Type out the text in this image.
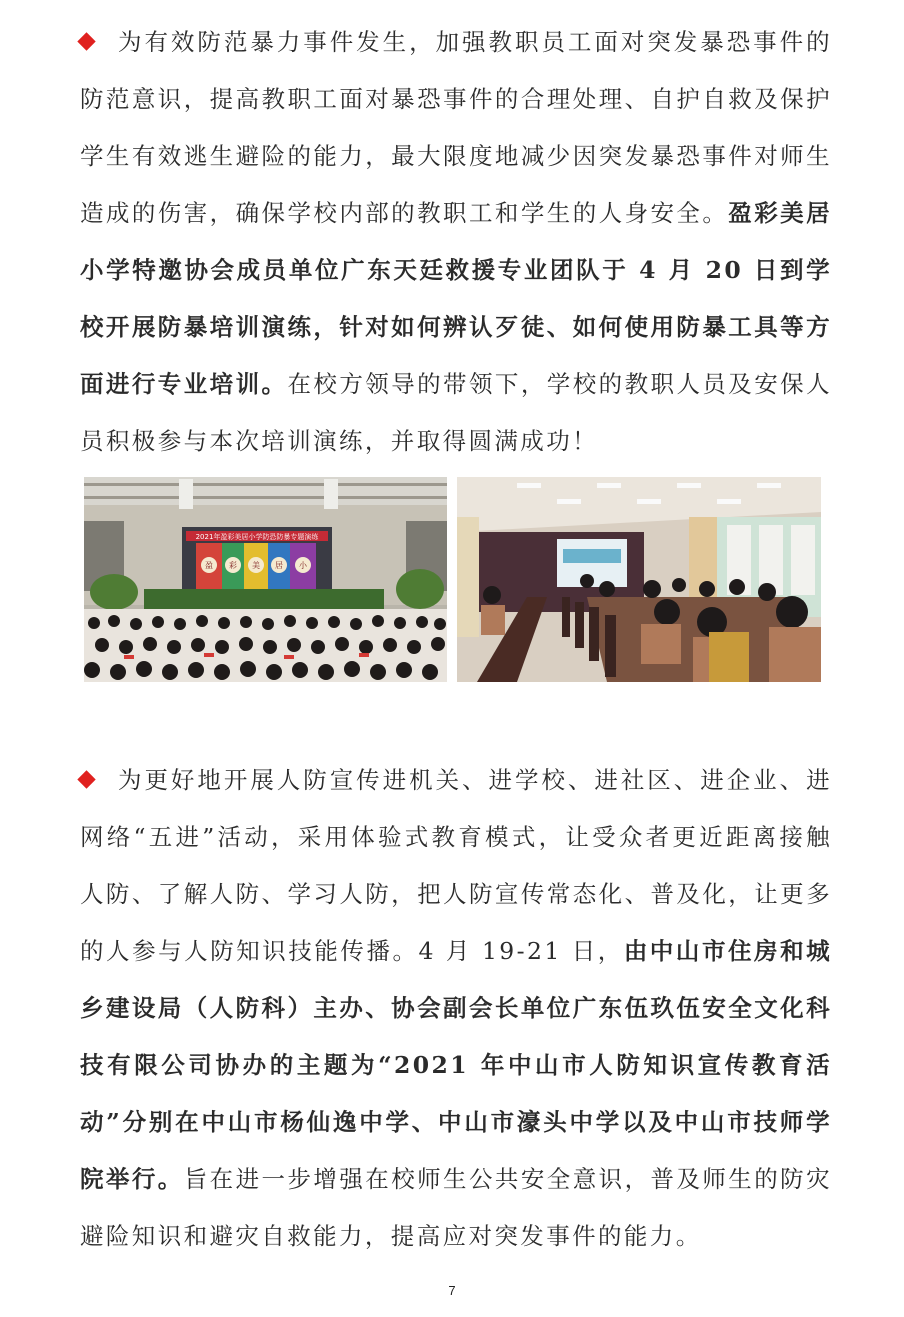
为有效防范暴力事件发生，加强教职员工面对突发暴恐事件的防范意识，提高教职工面对暴恐事件的合理处理、自护自救及保护学生有效逃生避险的能力，最大限度地减少因突发暴恐事件对师生造成的伤害，确保学校内部的教职工和学生的人身安全。盈彩美居小学特邀协会成员单位广东天廷救援专业团队于 4 月 20 日到学校开展防暴培训演练，针对如何辨认歹徒、如何使用防暴工具等方面进行专业培训。在校方领导的带领下，学校的教职人员及安保人员积极参与本次培训演练，并取得圆满成功！

2021年盈彩美居小学防恐防暴专题演练
盈 彩 美 居 小

为更好地开展人防宣传进机关、进学校、进社区、进企业、进网络“五进”活动，采用体验式教育模式，让受众者更近距离接触人防、了解人防、学习人防，把人防宣传常态化、普及化，让更多的人参与人防知识技能传播。4 月 19-21 日，由中山市住房和城乡建设局（人防科）主办、协会副会长单位广东伍玖伍安全文化科技有限公司协办的主题为“2021 年中山市人防知识宣传教育活动”分别在中山市杨仙逸中学、中山市濠头中学以及中山市技师学院举行。旨在进一步增强在校师生公共安全意识，普及师生的防灾避险知识和避灾自救能力，提高应对突发事件的能力。

7
